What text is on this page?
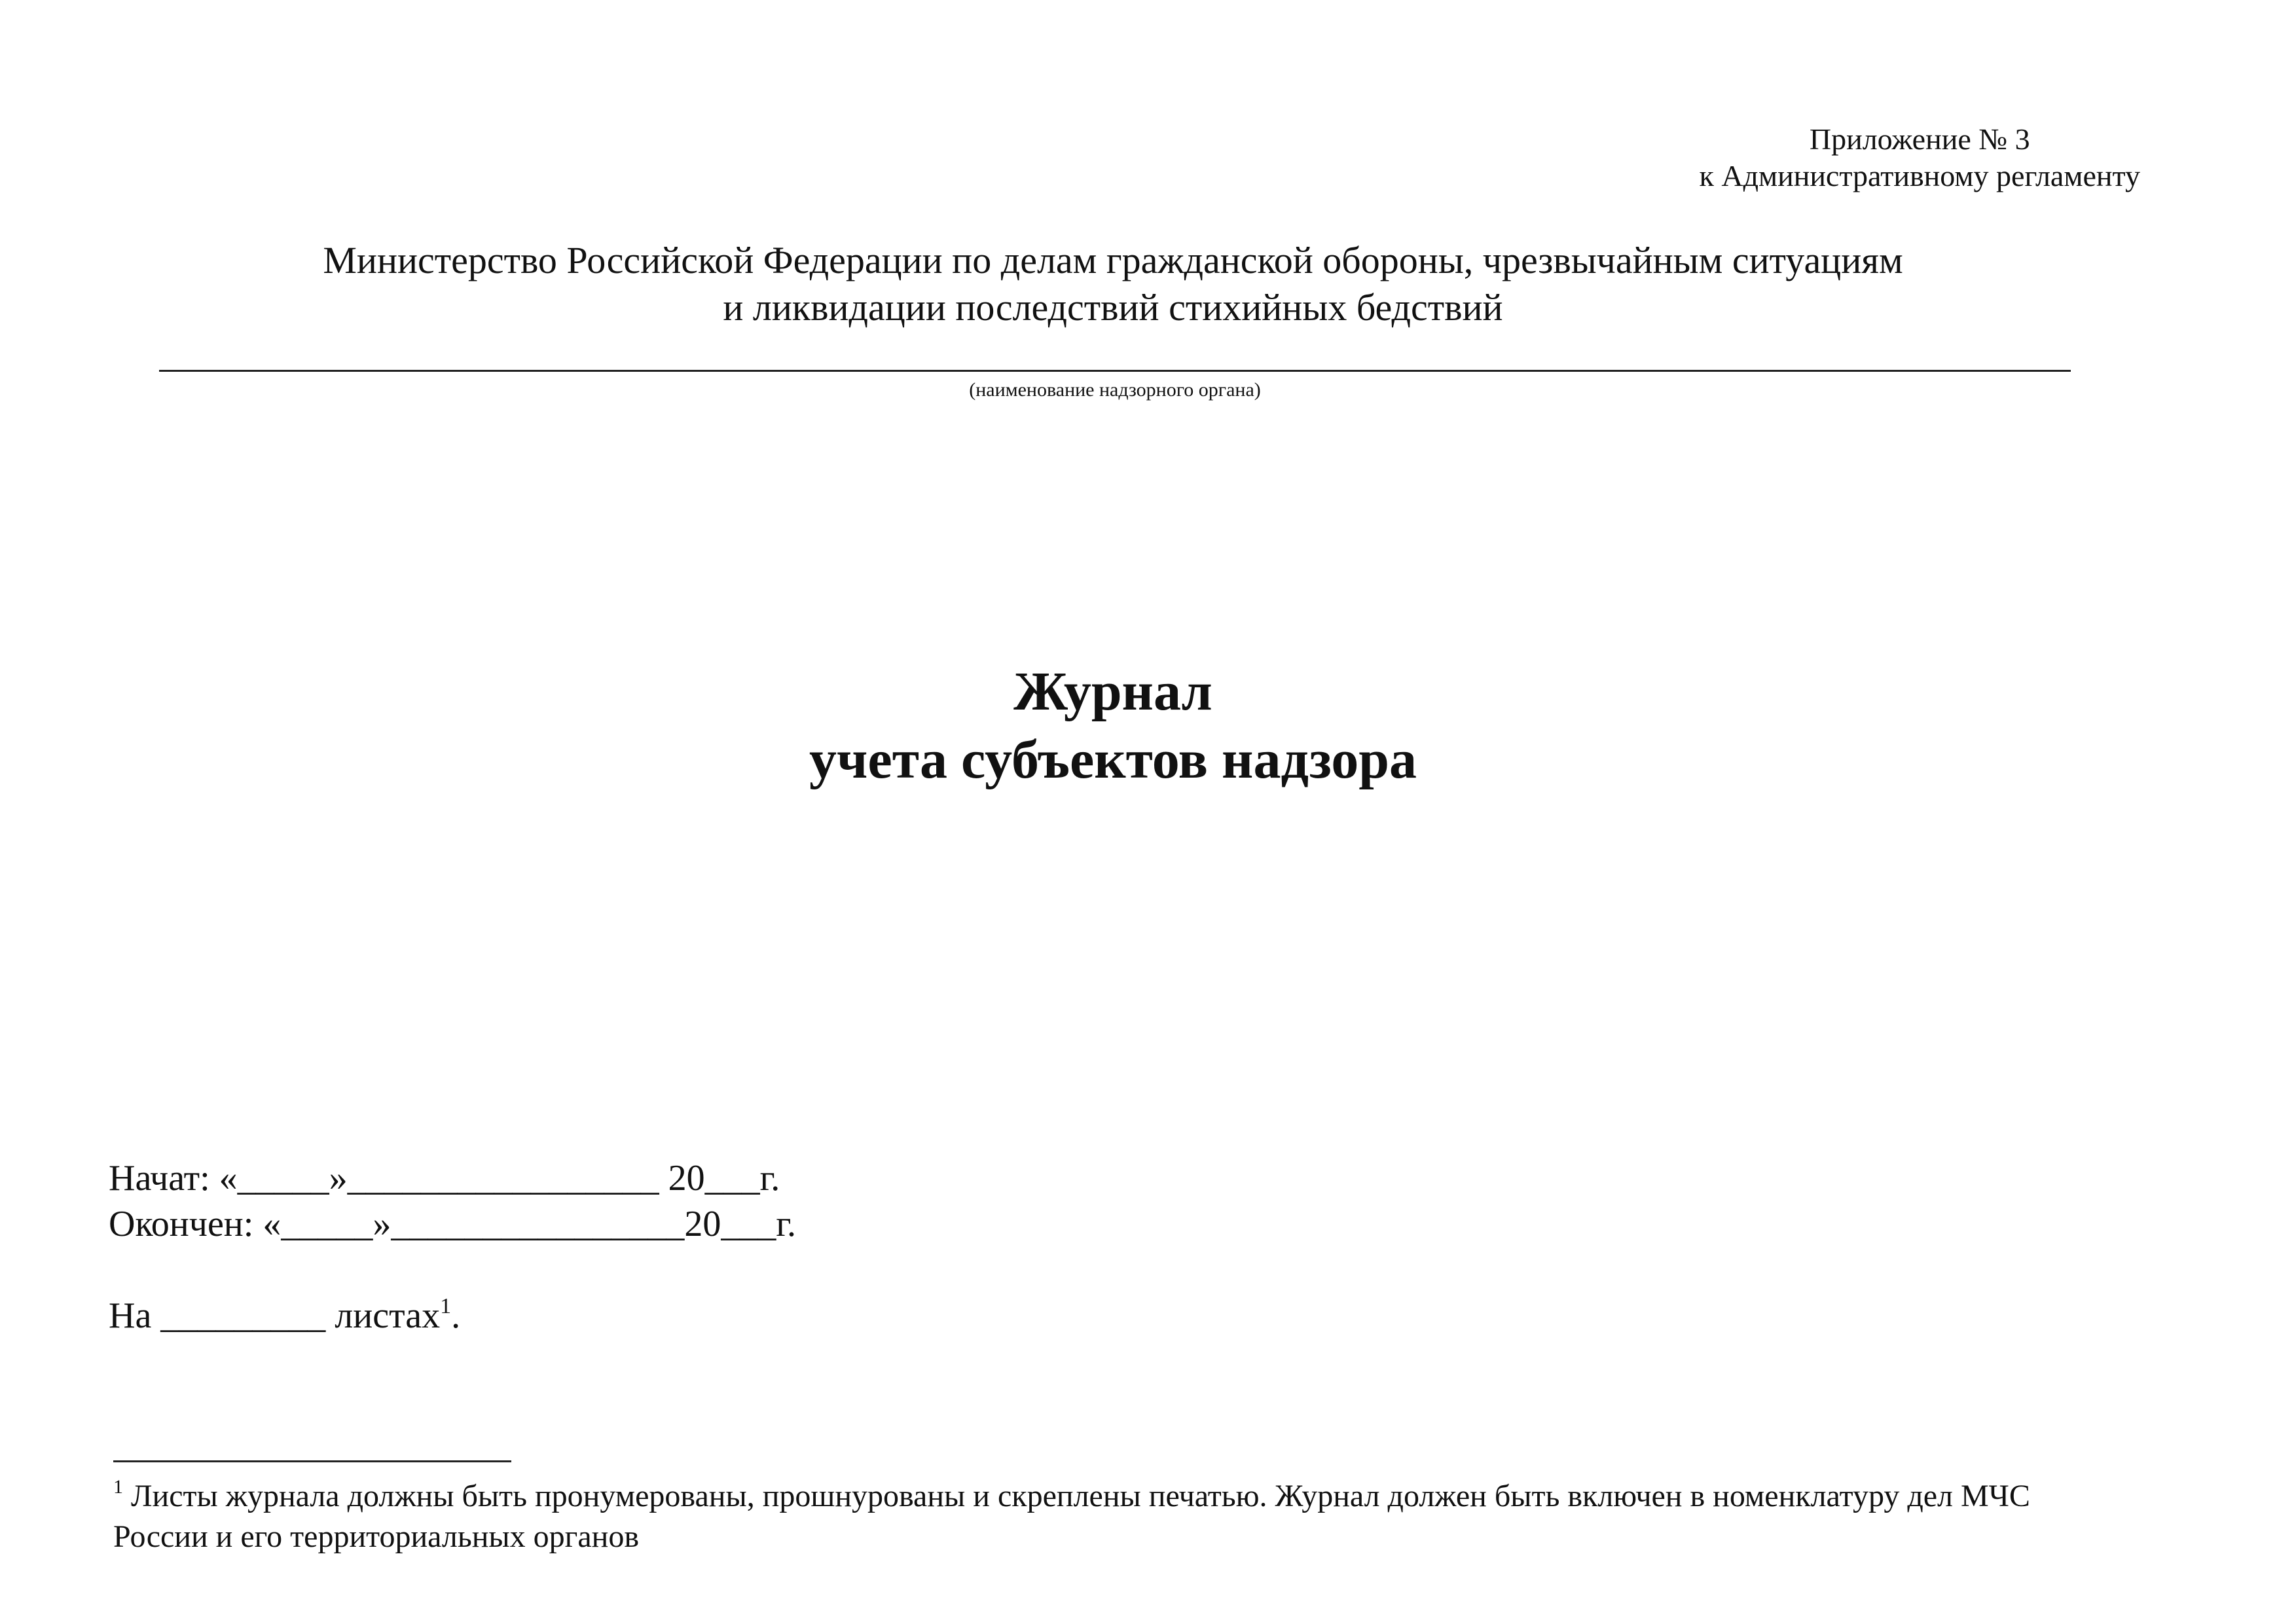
Приложение № 3
к Административному регламенту
Министерство Российской Федерации по делам гражданской обороны, чрезвычайным ситуациям
и ликвидации последствий стихийных бедствий
(наименование надзорного органа)
Журнал
учета субъектов надзора
Начат: «_____»_________________ 20___г.
Окончен: «_____»________________20___г.
На _________ листах$^1$.
$^1$ Листы журнала должны быть пронумерованы, прошнурованы и скреплены печатью. Журнал должен быть включен в номенклатуру дел МЧС России и его территориальных органов
